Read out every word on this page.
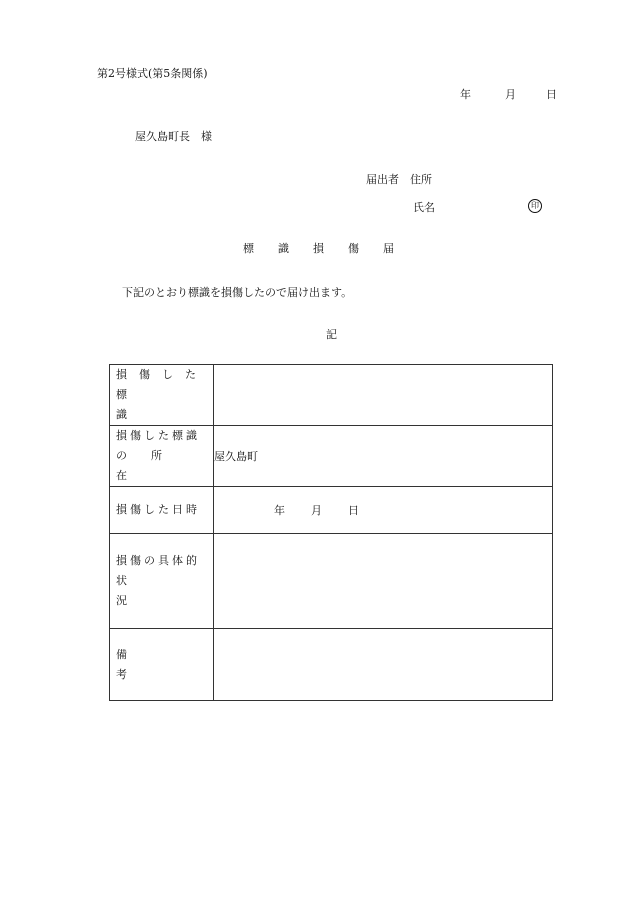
第2号様式(第5条関係)
年	月	日
屋久島町長　様
届出者　住所
氏名	印
標識損傷届
下記のとおり標識を損傷したので届け出ます。
記
損傷した
標識	

損傷した標識
の所在	屋久島町

損傷した日時	年 月 日

損傷の具体的
状況	

備考	
